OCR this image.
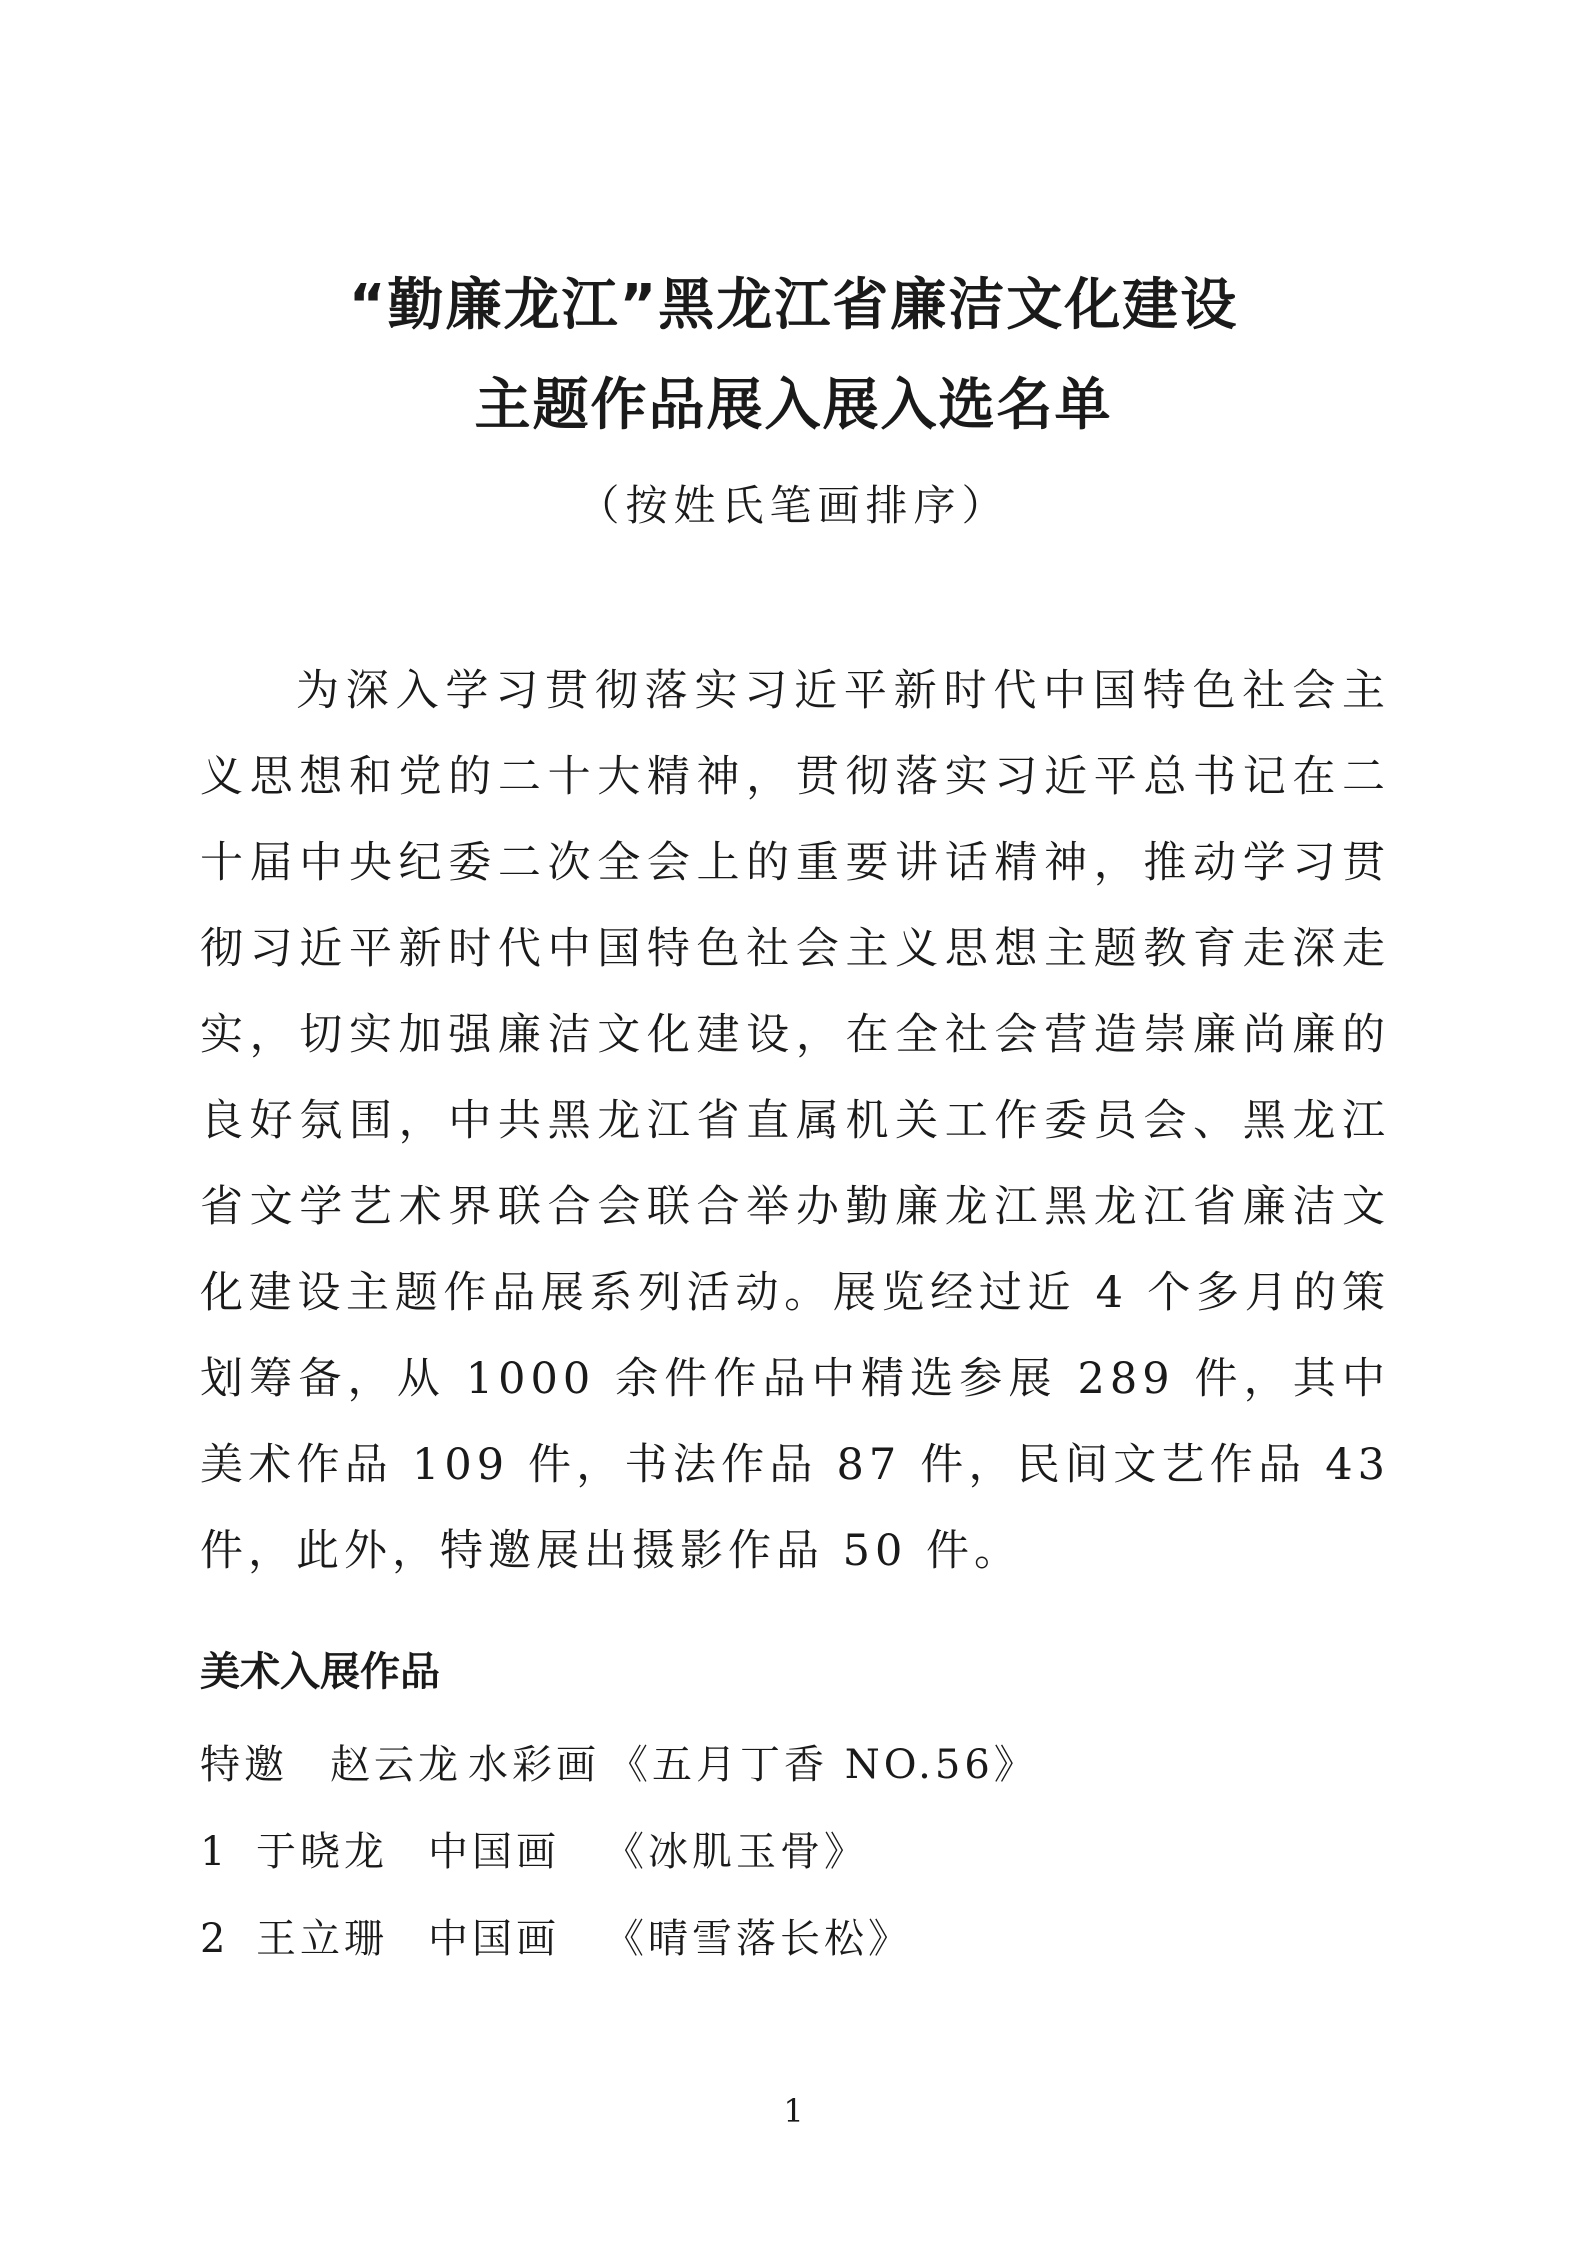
“勤廉龙江”黑龙江省廉洁文化建设
主题作品展入展入选名单
（按姓氏笔画排序）

为深入学习贯彻落实习近平新时代中国特色社会主义思想和党的二十大精神，贯彻落实习近平总书记在二十届中央纪委二次全会上的重要讲话精神，推动学习贯彻习近平新时代中国特色社会主义思想主题教育走深走实，切实加强廉洁文化建设，在全社会营造崇廉尚廉的良好氛围，中共黑龙江省直属机关工作委员会、黑龙江省文学艺术界联合会联合举办勤廉龙江黑龙江省廉洁文化建设主题作品展系列活动。展览经过近 4 个多月的策划筹备，从 1000 余件作品中精选参展 289 件，其中美术作品 109 件，书法作品 87 件，民间文艺作品 43 件，此外，特邀展出摄影作品 50 件。

美术入展作品
特邀 赵云龙 水彩画 《五月丁香 NO.56》
1 于晓龙 中国画 《冰肌玉骨》
2 王立珊 中国画 《晴雪落长松》
1
